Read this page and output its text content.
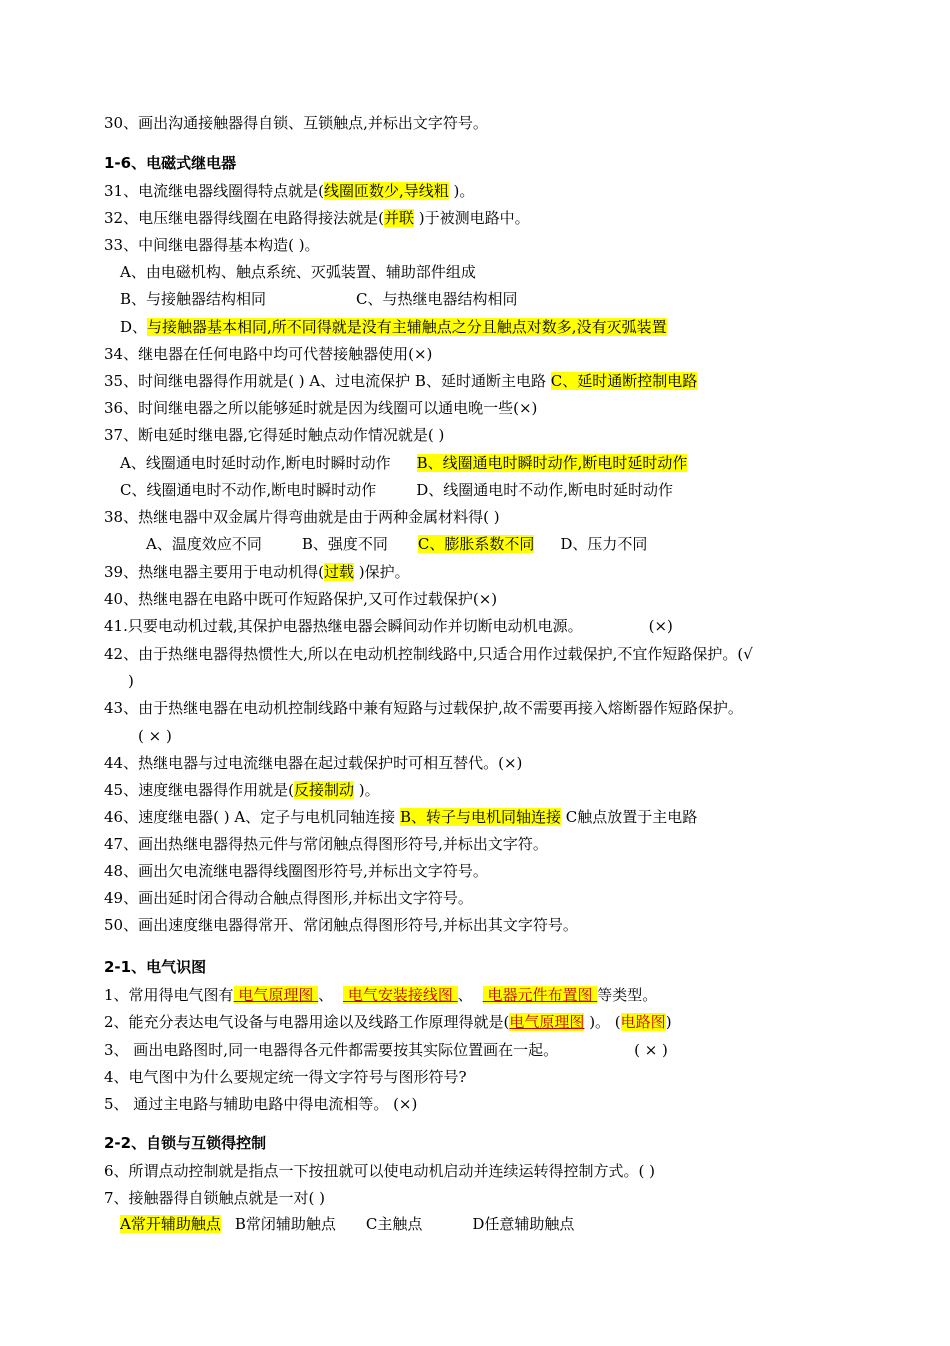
30、画出沟通接触器得自锁、互锁触点,并标出文字符号。
1-6、电磁式继电器
31、电流继电器线圈得特点就是(线圈匝数少,导线粗 )。
32、电压继电器得线圈在电路得接法就是(并联 )于被测电路中。
33、中间继电器得基本构造( )。
A、由电磁机构、触点系统、灭弧装置、辅助部件组成
B、与接触器结构相同	C、与热继电器结构相同
D、与接触器基本相同,所不同得就是没有主辅触点之分且触点对数多,没有灭弧装置
34、继电器在任何电路中均可代替接触器使用(×)
35、时间继电器得作用就是( ) A、过电流保护 B、延时通断主电路 C、延时通断控制电路
36、时间继电器之所以能够延时就是因为线圈可以通电晚一些(×)
37、断电延时继电器,它得延时触点动作情况就是( )
A、线圈通电时延时动作,断电时瞬时动作 B、线圈通电时瞬时动作,断电时延时动作
C、线圈通电时不动作,断电时瞬时动作	D、线圈通电时不动作,断电时延时动作
38、热继电器中双金属片得弯曲就是由于两种金属材料得( )
A、温度效应不同	B、强度不同 C、膨胀系数不同 D、压力不同
39、热继电器主要用于电动机得(过载 )保护。
40、热继电器在电路中既可作短路保护,又可作过载保护(×)
41.只要电动机过载,其保护电器热继电器会瞬间动作并切断电动机电源。	(×)
42、由于热继电器得热惯性大,所以在电动机控制线路中,只适合用作过载保护,不宜作短路保护。(√
)
43、由于热继电器在电动机控制线路中兼有短路与过载保护,故不需要再接入熔断器作短路保护。
( × )
44、热继电器与过电流继电器在起过载保护时可相互替代。(×)
45、速度继电器得作用就是(反接制动 )。
46、速度继电器( ) A、定子与电机同轴连接 B、转子与电机同轴连接 C触点放置于主电路
47、画出热继电器得热元件与常闭触点得图形符号,并标出文字符。
48、画出欠电流继电器得线圈图形符号,并标出文字符号。
49、画出延时闭合得动合触点得图形,并标出文字符号。
50、画出速度继电器得常开、常闭触点得图形符号,并标出其文字符号。
2-1、电气识图
1、常用得电气图有 电气原理图 、 电气安装接线图 、 电器元件布置图 等类型。
2、能充分表达电气设备与电器用途以及线路工作原理得就是(电气原理图 )。 (电路图)
3、 画出电路图时,同一电器得各元件都需要按其实际位置画在一起。	( × )
4、电气图中为什么要规定统一得文字符号与图形符号?
5、 通过主电路与辅助电路中得电流相等。 (×)
2-2、自锁与互锁得控制
6、所谓点动控制就是指点一下按扭就可以使电动机启动并连续运转得控制方式。( )
7、接触器得自锁触点就是一对( )
A常开辅助触点 B常闭辅助触点 C主触点	D任意辅助触点
